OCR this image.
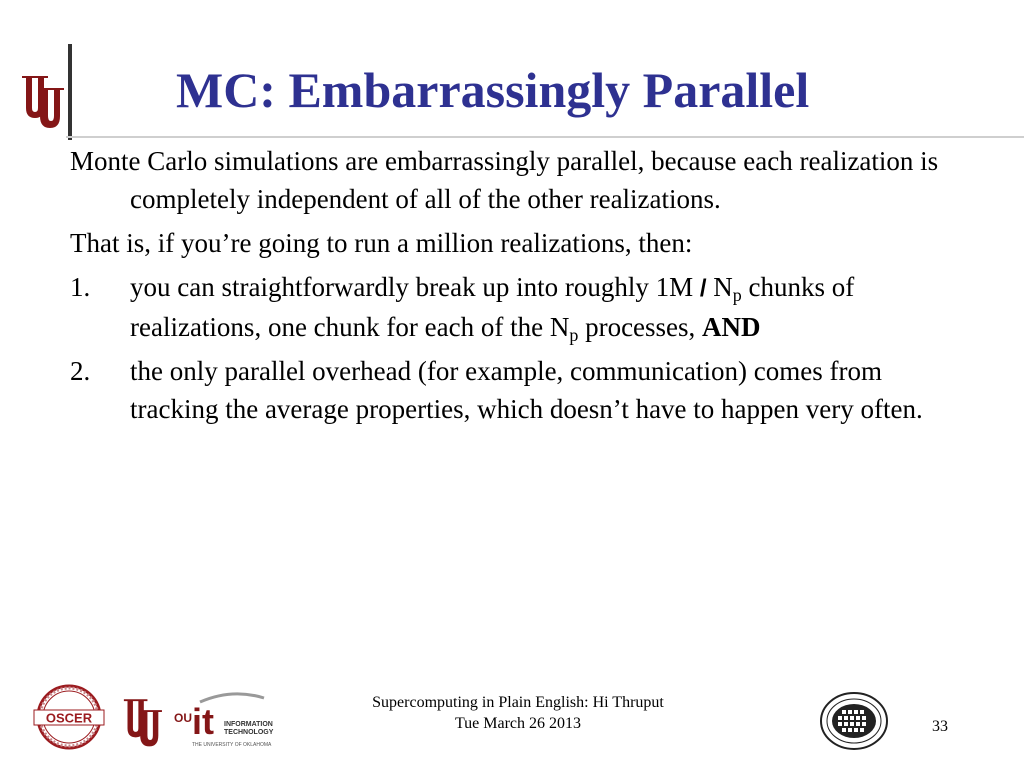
MC: Embarrassingly Parallel

Monte Carlo simulations are embarrassingly parallel, because each realization is completely independent of all of the other realizations.

That is, if you’re going to run a million realizations, then:

1.	you can straightforwardly break up into roughly $1M / N_p$ chunks of realizations, one chunk for each of the $N_p$ processes, AND
2.	the only parallel overhead (for example, communication) comes from tracking the average properties, which doesn’t have to happen very often.
OSCER	OU it INFORMATION
TECHNOLOGY
THE UNIVERSITY OF OKLAHOMA
Supercomputing in Plain English: Hi Thruput
Tue March 26 2013	33
